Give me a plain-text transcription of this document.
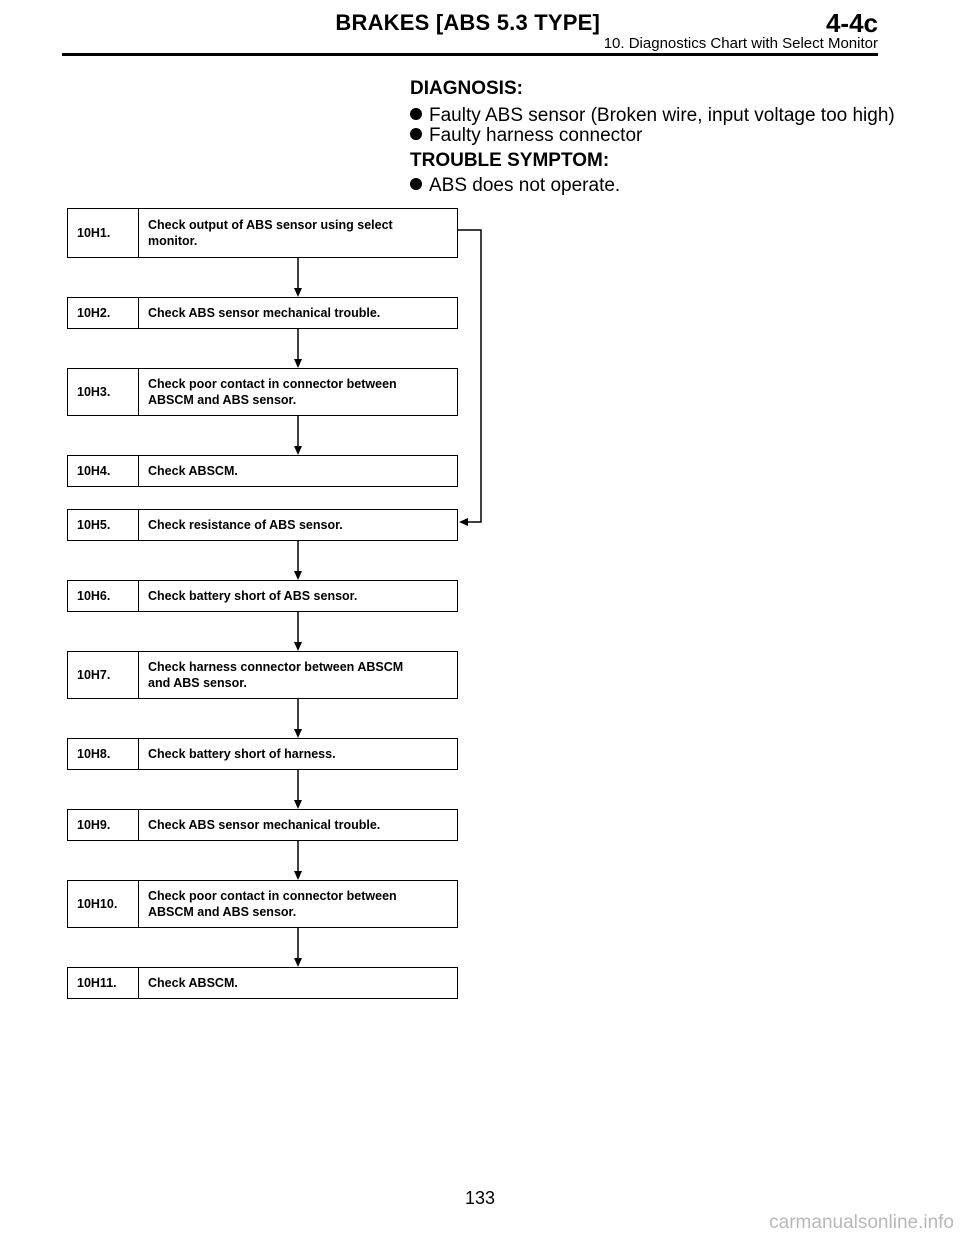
BRAKES [ABS 5.3 TYPE]	4-4c
10. Diagnostics Chart with Select Monitor
DIAGNOSIS:
Faulty ABS sensor (Broken wire, input voltage too high)
Faulty harness connector
TROUBLE SYMPTOM:
ABS does not operate.
10H1.
Check output of ABS sensor using select
monitor.
10H2.	Check ABS sensor mechanical trouble.
10H3.
Check poor contact in connector between
ABSCM and ABS sensor.
10H4.	Check ABSCM.
10H5.	Check resistance of ABS sensor.
10H6.	Check battery short of ABS sensor.
10H7.
Check harness connector between ABSCM
and ABS sensor.
10H8.	Check battery short of harness.
10H9.	Check ABS sensor mechanical trouble.
10H10.
Check poor contact in connector between
ABSCM and ABS sensor.
10H11.	Check ABSCM.
133
carmanualsonline.info
